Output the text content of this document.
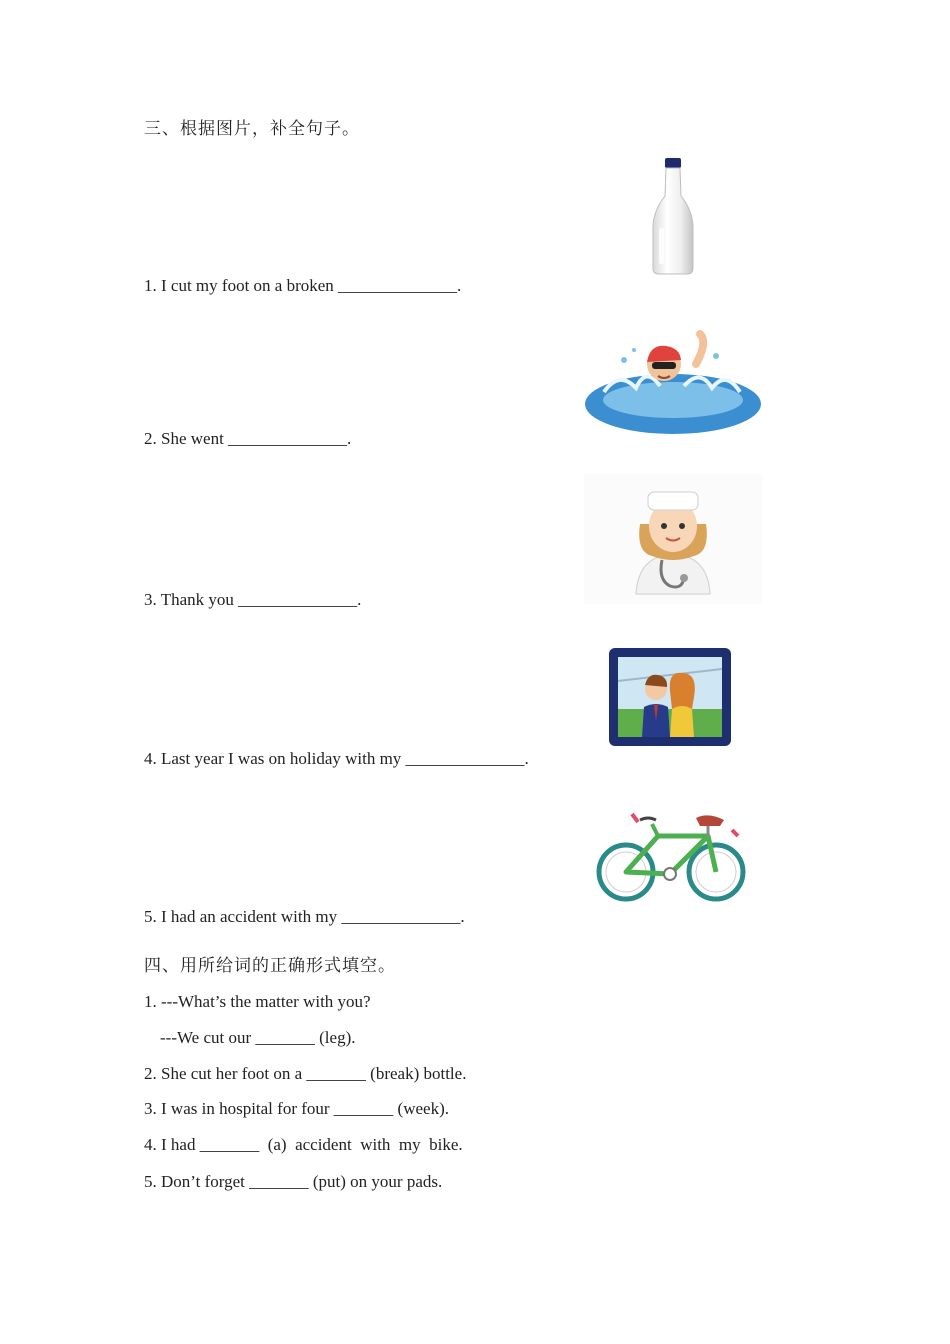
三、根据图片，补全句子。
1. I cut my foot on a broken ______________.
2. She went ______________.
3. Thank you ______________.
4. Last year I was on holiday with my ______________.
5. I had an accident with my ______________.
四、用所给词的正确形式填空。
1. ---What’s the matter with you?
---We cut our _______ (leg).
2. She cut her foot on a _______ (break) bottle.
3. I was in hospital for four _______ (week).
4. I had _______  (a)  accident  with  my  bike.
5. Don’t forget _______ (put) on your pads.
